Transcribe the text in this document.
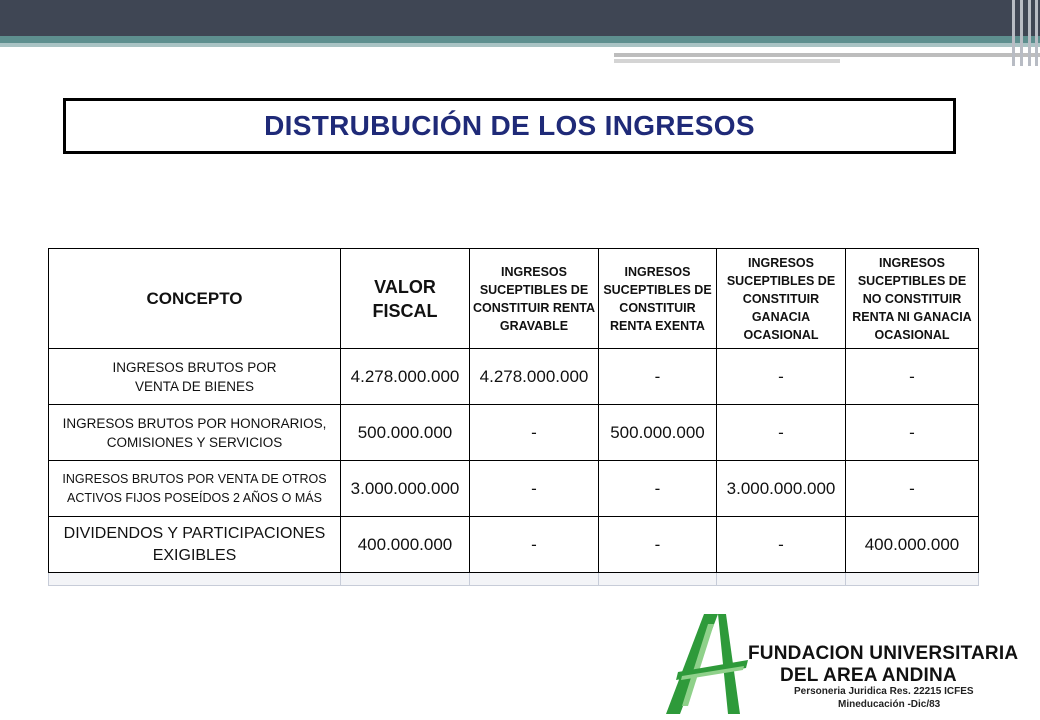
DISTRUBUCIÓN DE LOS INGRESOS
CONCEPTO	VALOR FISCAL	INGRESOS SUCEPTIBLES DE CONSTITUIR RENTA GRAVABLE	INGRESOS SUCEPTIBLES DE CONSTITUIR RENTA EXENTA	INGRESOS SUCEPTIBLES DE CONSTITUIR GANACIA OCASIONAL	INGRESOS SUCEPTIBLES DE NO CONSTITUIR RENTA NI GANACIA OCASIONAL
INGRESOS BRUTOS POR VENTA DE BIENES	4.278.000.000	4.278.000.000	-	-	-
INGRESOS BRUTOS POR HONORARIOS, COMISIONES Y SERVICIOS	500.000.000	-	500.000.000	-	-
INGRESOS BRUTOS POR VENTA DE OTROS ACTIVOS FIJOS POSEÍDOS 2 AÑOS O MÁS	3.000.000.000	-	-	3.000.000.000	-
DIVIDENDOS Y PARTICIPACIONES EXIGIBLES	400.000.000	-	-	-	400.000.000

FUNDACION UNIVERSITARIA
DEL AREA ANDINA
Personeria Juridica Res. 22215 ICFES
Mineducación -Dic/83
